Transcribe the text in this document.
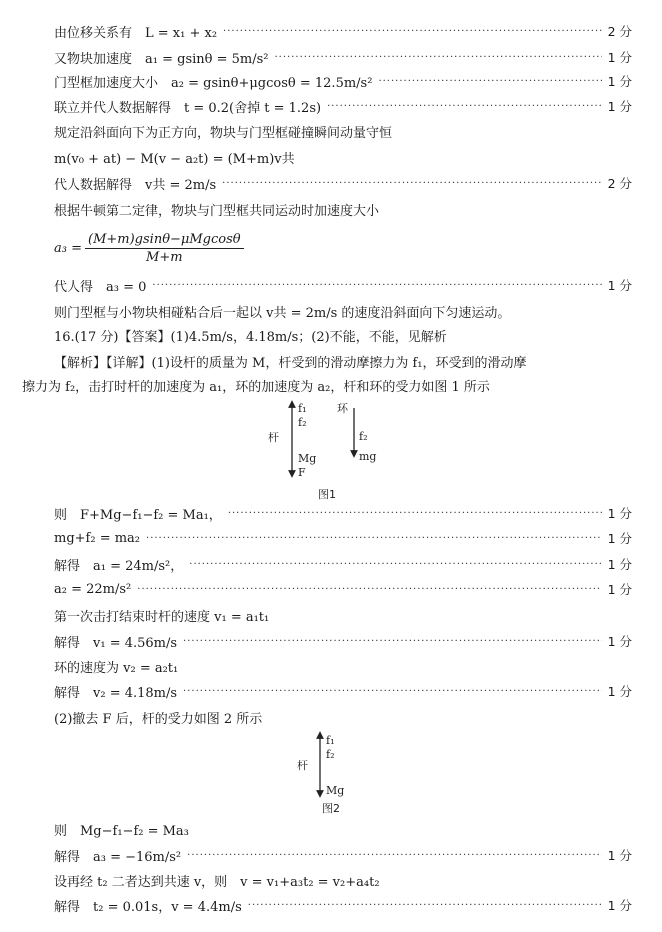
由位移关系有　L = x₁ + x₂ ·····	2 分
又物块加速度　a₁ = gsinθ = 5m/s² ·····	1 分
门型框加速度大小　a₂ = gsinθ+μgcosθ = 12.5m/s² ·····	1 分
联立并代人数据解得　t = 0.2(舍掉 t = 1.2s) ·····	1 分
规定沿斜面向下为正方向，物块与门型框碰撞瞬间动量守恒
m(v₀ + at) − M(v − a₂t) = (M+m)v共
代人数据解得　v共 = 2m/s ·····	2 分
根据牛顿第二定律，物块与门型框共同运动时加速度大小
$a_3 = \frac{\text{(M+m)gsinθ−μMgcosθ}}{M+m}$
代人得　a₃ = 0 ·····	1 分
则门型框与小物块相碰粘合后一起以 v共 = 2m/s 的速度沿斜面向下匀速运动。
16.(17 分)【答案】(1)4.5m/s，4.18m/s；(2)不能，不能，见解析
【解析】【详解】(1)设杆的质量为 M，杆受到的滑动摩擦力为 f₁，环受到的滑动摩
擦力为 f₂，击打时杆的加速度为 a₁，环的加速度为 a₂，杆和环的受力如图 1 所示
f₁
f₂
Mg
F
杆
环
f₂
mg
图1
则　F+Mg−f₁−f₂ = Ma₁， ·····	1 分
mg+f₂ = ma₂ ·····	1 分
解得　a₁ = 24m/s²， ·····	1 分
a₂ = 22m/s² ·····	1 分
第一次击打结束时杆的速度 v₁ = a₁t₁
解得　v₁ = 4.56m/s ·····	1 分
环的速度为 v₂ = a₂t₁
解得　v₂ = 4.18m/s ·····	1 分
(2)撤去 F 后，杆的受力如图 2 所示
f₁
f₂
Mg
杆
图2
则　Mg−f₁−f₂ = Ma₃
解得　a₃ = −16m/s² ·····	1 分
设再经 t₂ 二者达到共速 v，则　v = v₁+a₃t₂ = v₂+a₄t₂
解得　t₂ = 0.01s，v = 4.4m/s ·····	1 分
